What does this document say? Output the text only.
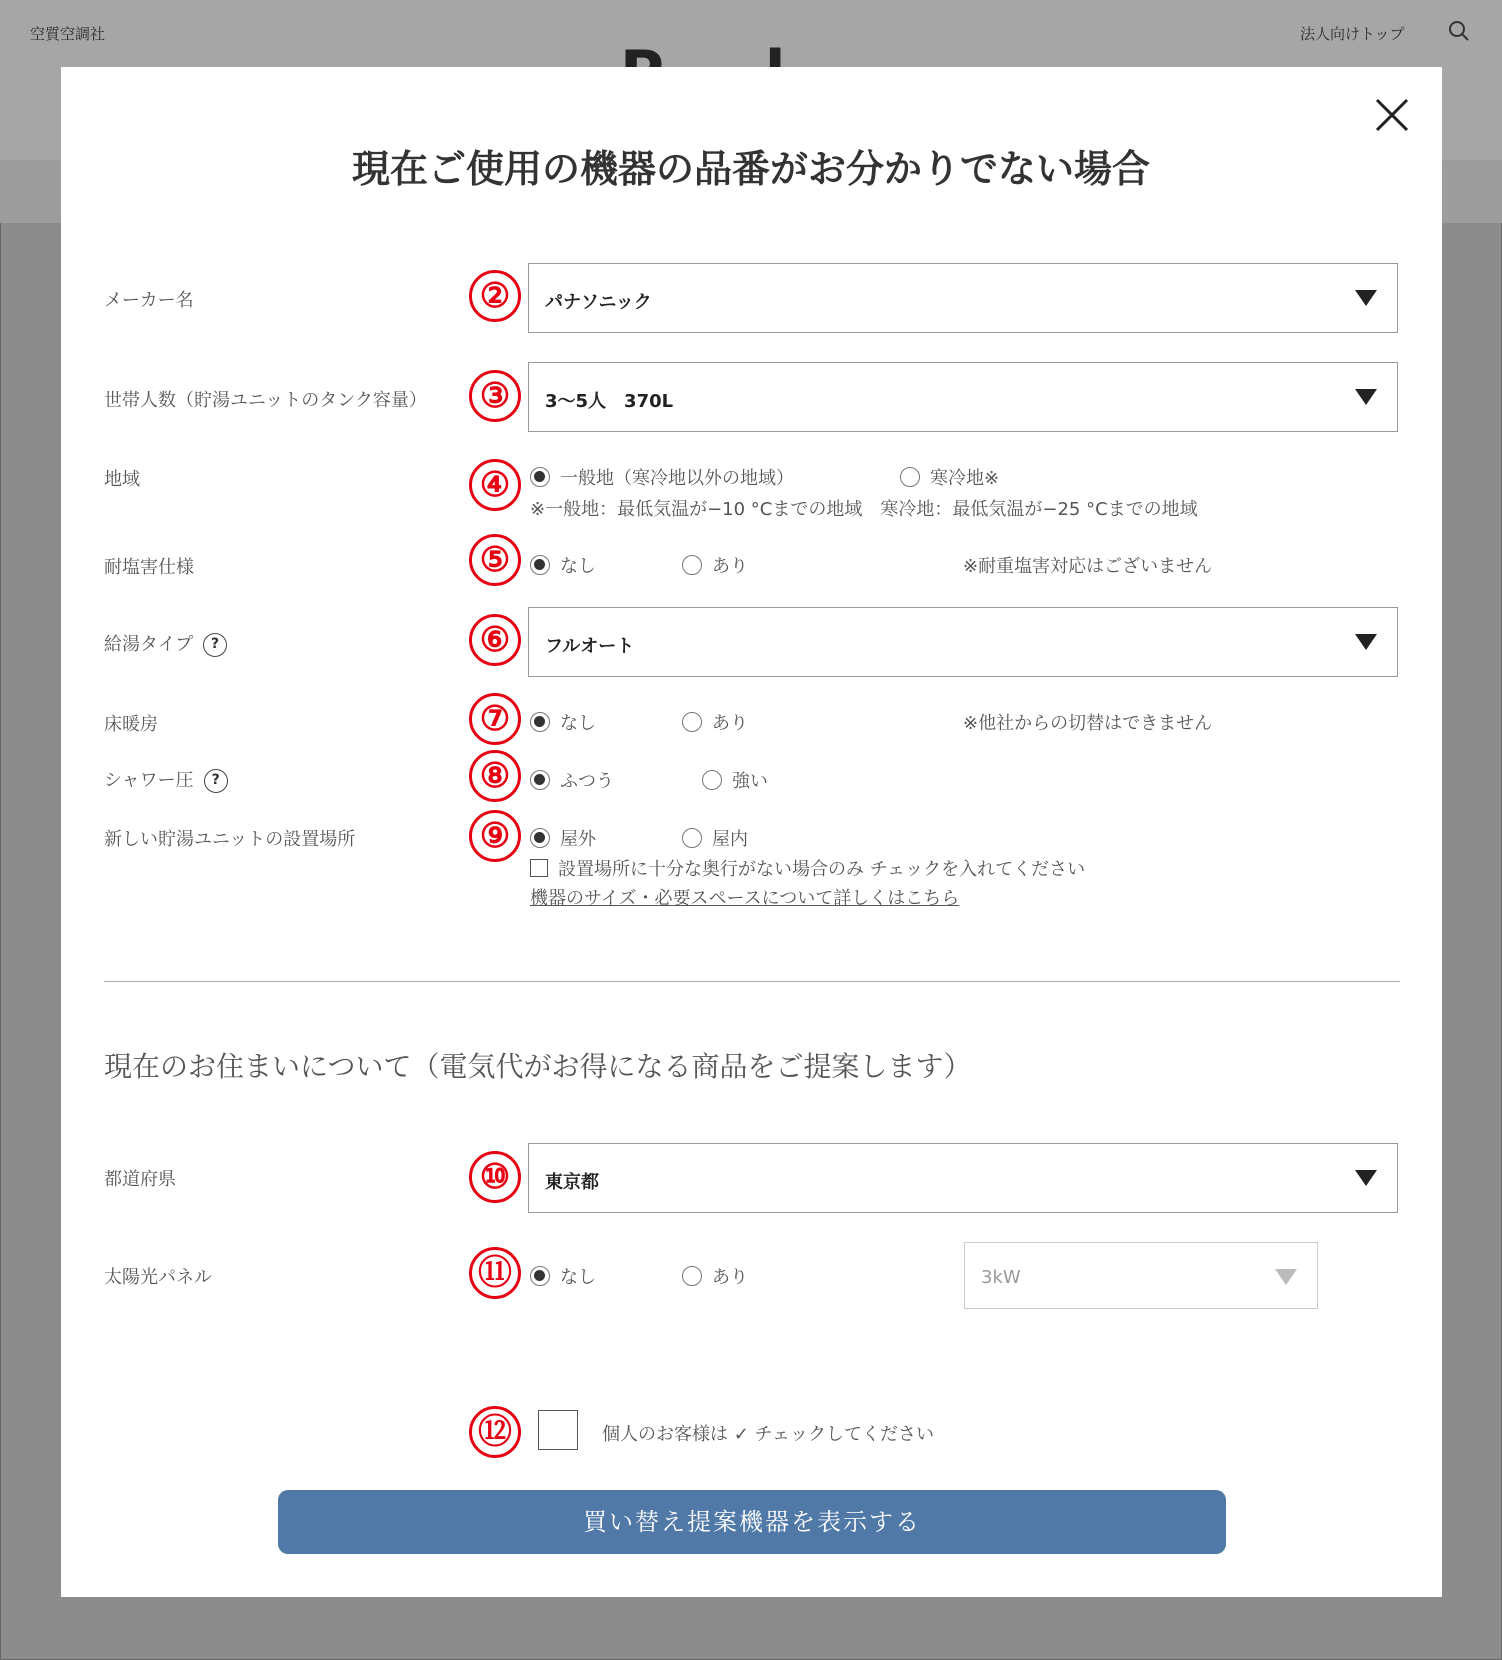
空質空調社	法人向けトップ
現在ご使用の機器の品番がお分かりでない場合
メーカー名	②	パナソニック
世帯人数（貯湯ユニットのタンク容量）	③	3〜5人　370L
地域	④	一般地（寒冷地以外の地域）	寒冷地※
※一般地：最低気温が−10 °Cまでの地域　寒冷地：最低気温が−25 °Cまでの地域
耐塩害仕様	⑤	なし	あり	※耐重塩害対応はございません
給湯タイプ ?	⑥	フルオート
床暖房	⑦	なし	あり	※他社からの切替はできません
シャワー圧 ?	⑧	ふつう	強い
新しい貯湯ユニットの設置場所	⑨	屋外	屋内
設置場所に十分な奥行がない場合のみ チェックを入れてください
機器のサイズ・必要スペースについて詳しくはこちら
現在のお住まいについて（電気代がお得になる商品をご提案します）
都道府県	⑩	東京都
太陽光パネル	⑪	なし	あり	3kW
⑫	個人のお客様は ✓ チェックしてください
買い替え提案機器を表示する
